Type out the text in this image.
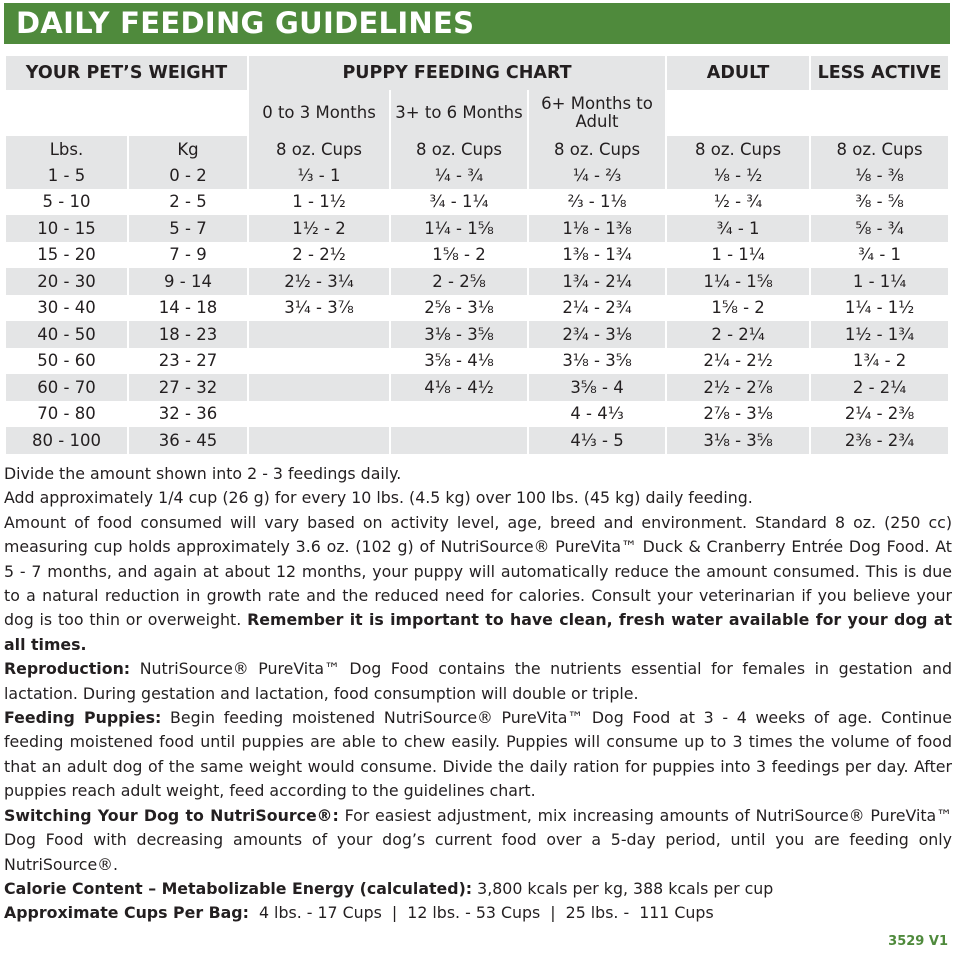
DAILY FEEDING GUIDELINES
YOUR PET’S WEIGHT		PUPPY FEEDING CHART			ADULT	LESS ACTIVE
		0 to 3 Months	3+ to 6 Months	6+ Months to Adult		
Lbs.	Kg	8 oz. Cups	8 oz. Cups	8 oz. Cups	8 oz. Cups	8 oz. Cups
1 - 5	0 - 2	⅓ - 1	¼ - ¾	¼ - ⅔	⅛ - ½	⅛ - ⅜
5 - 10	2 - 5	1 - 1½	¾ - 1¼	⅔ - 1⅛	½ - ¾	⅜ - ⅝
10 - 15	5 - 7	1½ - 2	1¼ - 1⅝	1⅛ - 1⅜	¾ - 1	⅝ - ¾
15 - 20	7 - 9	2 - 2½	1⅝ - 2	1⅜ - 1¾	1 - 1¼	¾ - 1
20 - 30	9 - 14	2½ - 3¼	2 - 2⅝	1¾ - 2¼	1¼ - 1⅝	1 - 1¼
30 - 40	14 - 18	3¼ - 3⅞	2⅝ - 3⅛	2¼ - 2¾	1⅝ - 2	1¼ - 1½
40 - 50	18 - 23		3⅛ - 3⅝	2¾ - 3⅛	2 - 2¼	1½ - 1¾
50 - 60	23 - 27		3⅝ - 4⅛	3⅛ - 3⅝	2¼ - 2½	1¾ - 2
60 - 70	27 - 32		4⅛ - 4½	3⅝ - 4	2½ - 2⅞	2 - 2¼
70 - 80	32 - 36			4 - 4⅓	2⅞ - 3⅛	2¼ - 2⅜
80 - 100	36 - 45			4⅓ - 5	3⅛ - 3⅝	2⅜ - 2¾

Divide the amount shown into 2 - 3 feedings daily.

Add approximately 1/4 cup (26 g) for every 10 lbs. (4.5 kg) over 100 lbs. (45 kg) daily feeding.

Amount of food consumed will vary based on activity level, age, breed and environment. Standard 8 oz. (250 cc) measuring cup holds approximately 3.6 oz. (102 g) of NutriSource® PureVita™ Duck & Cranberry Entrée Dog Food. At 5 - 7 months, and again at about 12 months, your puppy will automatically reduce the amount consumed. This is due to a natural reduction in growth rate and the reduced need for calories. Consult your veterinarian if you believe your dog is too thin or overweight. Remember it is important to have clean, fresh water available for your dog at all times.

Reproduction: NutriSource® PureVita™ Dog Food contains the nutrients essential for females in gestation and lactation. During gestation and lactation, food consumption will double or triple.

Feeding Puppies: Begin feeding moistened NutriSource® PureVita™ Dog Food at 3 - 4 weeks of age. Continue feeding moistened food until puppies are able to chew easily. Puppies will consume up to 3 times the volume of food that an adult dog of the same weight would consume. Divide the daily ration for puppies into 3 feedings per day. After puppies reach adult weight, feed according to the guidelines chart.

Switching Your Dog to NutriSource®: For easiest adjustment, mix increasing amounts of NutriSource® PureVita™ Dog Food with decreasing amounts of your dog’s current food over a 5-day period, until you are feeding only NutriSource®.

Calorie Content – Metabolizable Energy (calculated): 3,800 kcals per kg, 388 kcals per cup

Approximate Cups Per Bag:  4 lbs. - 17 Cups  |  12 lbs. - 53 Cups  |  25 lbs. -  111 Cups

3529 V1
